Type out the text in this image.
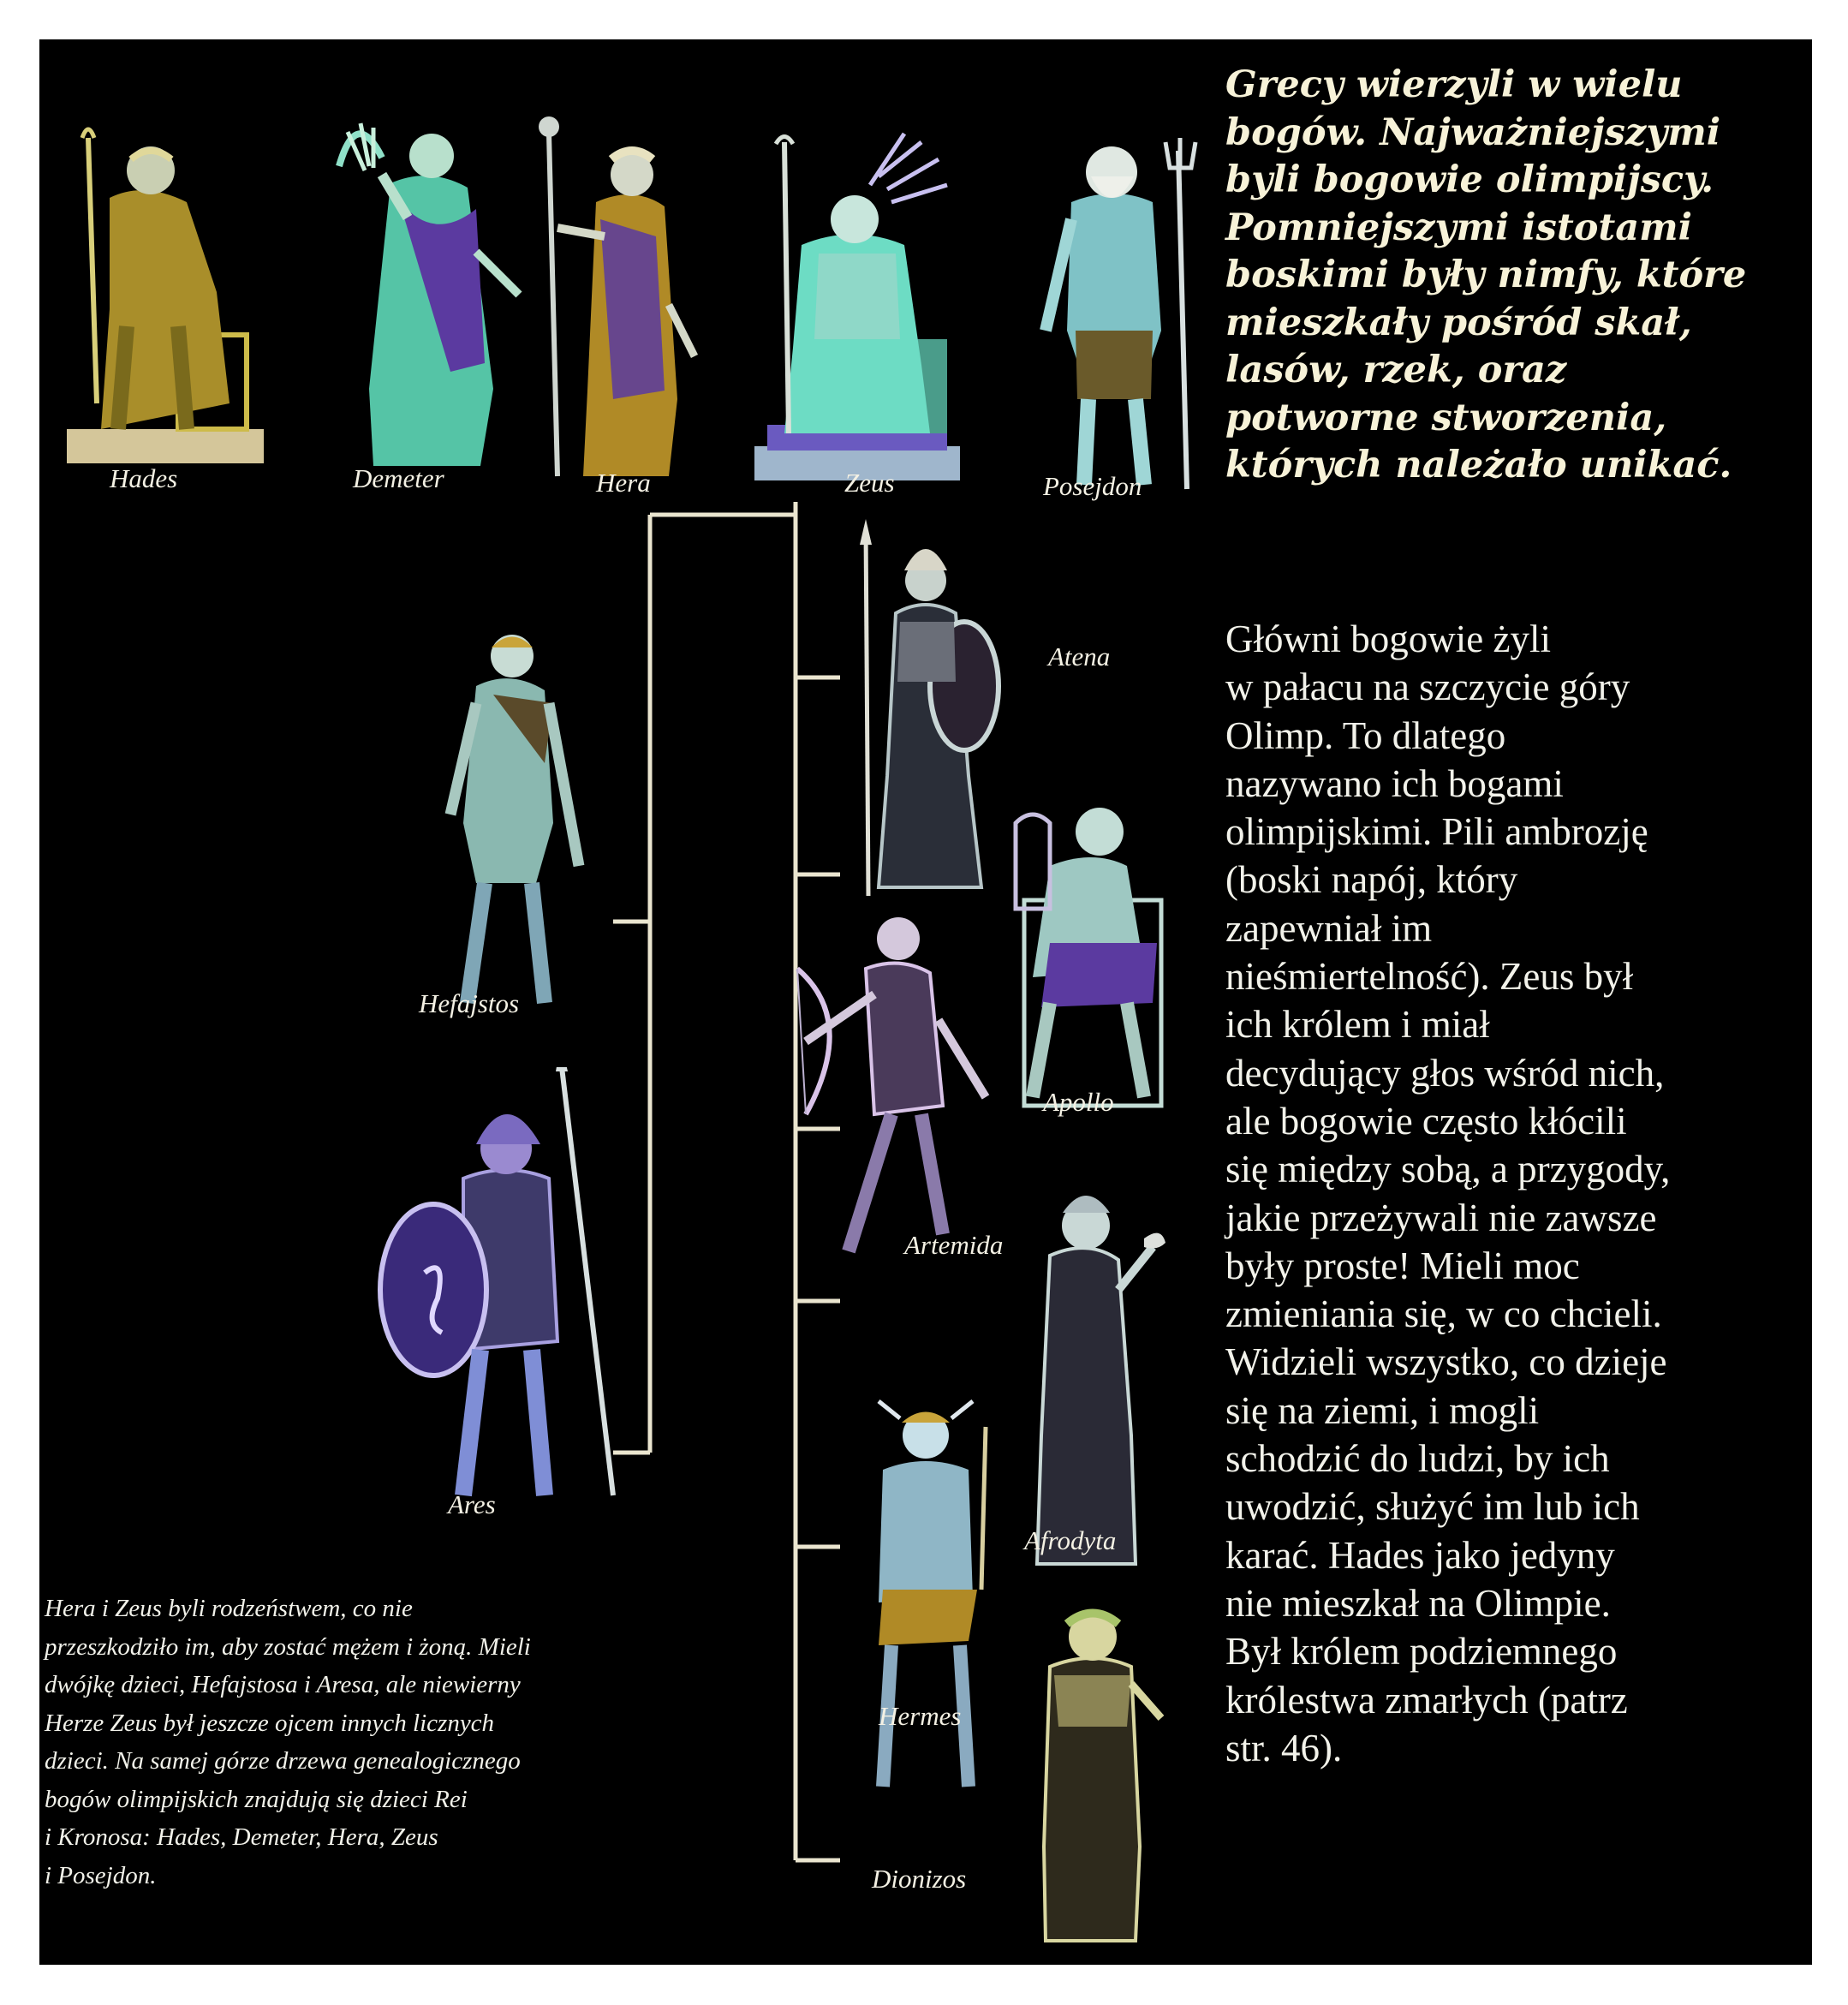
Hades	Demeter	Hera	Zeus	Posejdon
Atena
Hefajstos
Apollo
Artemida
Ares
Afrodyta
Hermes
Dionizos
Grecy wierzyli w wielu
bogów. Najważniejszymi
byli bogowie olimpijscy.
Pomniejszymi istotami
boskimi były nimfy, które
mieszkały pośród skał,
lasów, rzek, oraz
potworne stworzenia,
których należało unikać.
Główni bogowie żyli
w pałacu na szczycie góry
Olimp. To dlatego
nazywano ich bogami
olimpijskimi. Pili ambrozję
(boski napój, który
zapewniał im
nieśmiertelność). Zeus był
ich królem i miał
decydujący głos wśród nich,
ale bogowie często kłócili
się między sobą, a przygody,
jakie przeżywali nie zawsze
były proste! Mieli moc
zmieniania się, w co chcieli.
Widzieli wszystko, co dzieje
się na ziemi, i mogli
schodzić do ludzi, by ich
uwodzić, służyć im lub ich
karać. Hades jako jedyny
nie mieszkał na Olimpie.
Był królem podziemnego
królestwa zmarłych (patrz
str. 46).
Hera i Zeus byli rodzeństwem, co nie
przeszkodziło im, aby zostać mężem i żoną. Mieli
dwójkę dzieci, Hefajstosa i Aresa, ale niewierny
Herze Zeus był jeszcze ojcem innych licznych
dzieci. Na samej górze drzewa genealogicznego
bogów olimpijskich znajdują się dzieci Rei
i Kronosa: Hades, Demeter, Hera, Zeus
i Posejdon.
